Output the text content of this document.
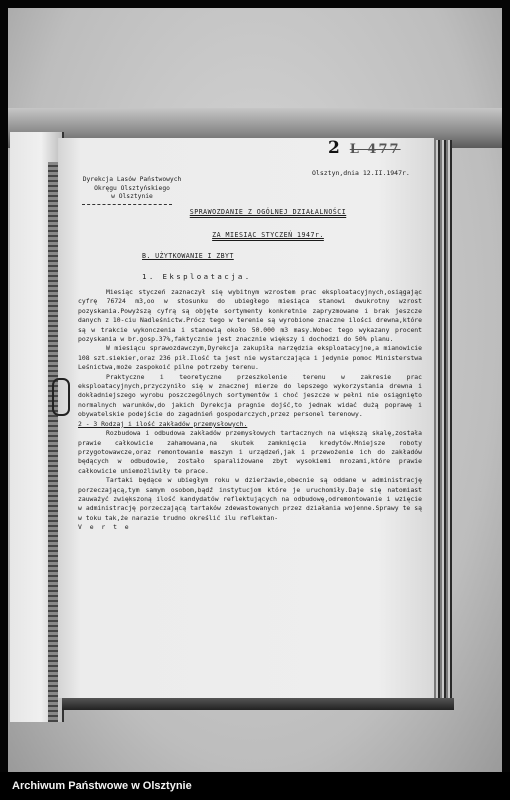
2 L 477
Dyrekcja Lasów Państwowych
Okręgu Olsztyńskiego
w Olsztynie
Olsztyn,dnia 12.II.1947r.
SPRAWOZDANIE Z OGÓLNEJ DZIAŁALNOŚCI
ZA MIESIĄC STYCZEŃ 1947r.
B. UŻYTKOWANIE I ZBYT
1. Eksploatacja.

Miesiąc styczeń zaznaczył się wybitnym wzrostem prac eksploatacyjnych,osiągając cyfrę 76724 m3,oo w stosunku do ubiegłego miesiąca stanowi dwukrotny wzrost pozyskania.Powyższą cyfrą są objęte sortymenty konkretnie zapryzmowane i brak jeszcze danych z 10-ciu Nadleśnictw.Prócz tego w terenie są wyrobione znaczne ilości drewna,które są w trakcie wykonczenia i stanowią około 50.000 m3 masy.Wobec tego wykazany procent pozyskania w br.gosp.37%,faktycznie jest znacznie większy i dochodzi do 50% planu.

W miesiącu sprawozdawczym,Dyrekcja zakupiła narzędzia eksploatacyjne,a mianowicie 108 szt.siekier,oraz 236 pił.Ilość ta jest nie wystarczająca i jedynie pomoc Ministerstwa Leśnictwa,może zaspokoić pilne potrzeby terenu.

Praktyczne i teoretyczne przeszkolenie terenu w zakresie prac eksploatacyjnych,przyczyniło się w znacznej mierze do lepszego wykorzystania drewna i dokładniejszego wyrobu poszczególnych sortymentów i choć jeszcze w pełni nie osiągnięto normalnych warunków,do jakich Dyrekcja pragnie dojść,to jednak widać dużą poprawę i obywatelskie podejście do zagadnień gospodarczych,przez personel terenowy.

2 - 3 Rodzaj i ilość zakładów przemysłowych.

Rozbudowa i odbudowa zakładów przemysłowych tartacznych na większą skalę,została prawie całkowicie zahamowana,na skutek zamknięcia kredytów.Mniejsze roboty przygotowawcze,oraz remontowanie maszyn i urządzeń,jak i przewożenie ich do zakładów będących w odbudowie, zostało sparaliżowane zbyt wysokiemi mrozami,które prawie całkowicie uniemożliwiły te prace.

Tartaki będące w ubiegłym roku w dzierżawie,obecnie są oddane w administrację porzeczającą,tym samym osobom,bądź instytucjom które je uruchomiły.Daje się natomiast zauważyć zwiększoną ilość kandydatów reflektujących na odbudowę,odremontowanie i wzięcie w administrację porzeczającą tartaków zdewastowanych przez działania wojenne.Sprawy te są w toku tak,że narazie trudno określić ilu reflektan-

V e r t e

Archiwum Państwowe w Olsztynie
